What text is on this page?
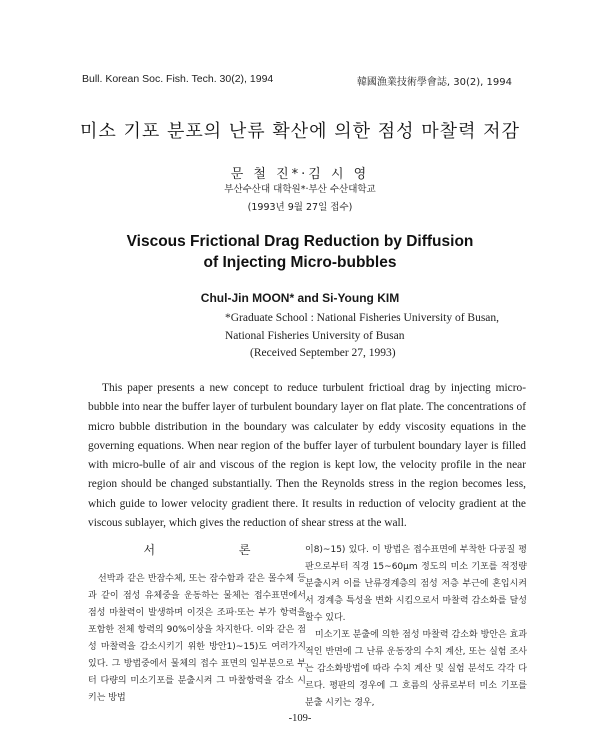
Bull. Korean Soc. Fish. Tech. 30(2), 1994	韓國漁業技術學會誌, 30(2), 1994
미소 기포 분포의 난류 확산에 의한 점성 마찰력 저감
문 철 진*·김 시 영
부산수산대 대학원*·부산 수산대학교
(1993년 9월 27일 접수)
Viscous Frictional Drag Reduction by Diffusion
of Injecting Micro-bubbles
Chul-Jin MOON* and Si-Young KIM
*Graduate School : National Fisheries University of Busan,
National Fisheries University of Busan
(Received September 27, 1993)
This paper presents a new concept to reduce turbulent frictioal drag by injecting micro-bubble into near the buffer layer of turbulent boundary layer on flat plate. The concentrations of micro bubble distribution in the boundary was calculater by eddy viscosity equations in the governing equations. When near region of the buffer layer of turbulent boundary layer is filled with micro-bulle of air and viscous of the region is kept low, the velocity profile in the near region should be changed substantially. Then the Reynolds stress in the region becomes less, which guide to lower velocity gradient there. It results in reduction of velocity gradient at the viscous sublayer, which gives the reduction of shear stress at the wall.
서 론

선박과 같은 반잠수체, 또는 잠수함과 같은 몰수체 등과 같이 점성 유체중을 운동하는 물체는 접수표면에서 점성 마찰력이 발생하며 이것은 조파·또는 부가 항력을 포함한 전체 항력의 90%이상을 차지한다. 이와 같은 점성 마찰력을 감소시키기 위한 방안1)~15)도 여러가지 있다. 그 방법중에서 물체의 접수 표면의 일부분으로 부터 다량의 미소기포를 분출시켜 그 마찰항력을 감소 시키는 방법

이8)~15) 있다. 이 방법은 접수표면에 부착한 다공질 평판으로부터 직경 15~60μm 정도의 미소 기포를 적정량 분출시켜 이를 난류경계층의 점성 저층 부근에 혼입시켜서 경계층 특성을 변화 시킴으로서 마찰력 감소화를 달성 할수 있다.

미소기포 분출에 의한 점성 마찰력 감소화 방안은 효과적인 반면에 그 난류 운동장의 수치 계산, 또는 실험 조사는 감소화방법에 따라 수치 계산 및 실험 분석도 각각 다르다. 평판의 경우에 그 흐름의 상류로부터 미소 기포를 분출 시키는 경우,

-109-
